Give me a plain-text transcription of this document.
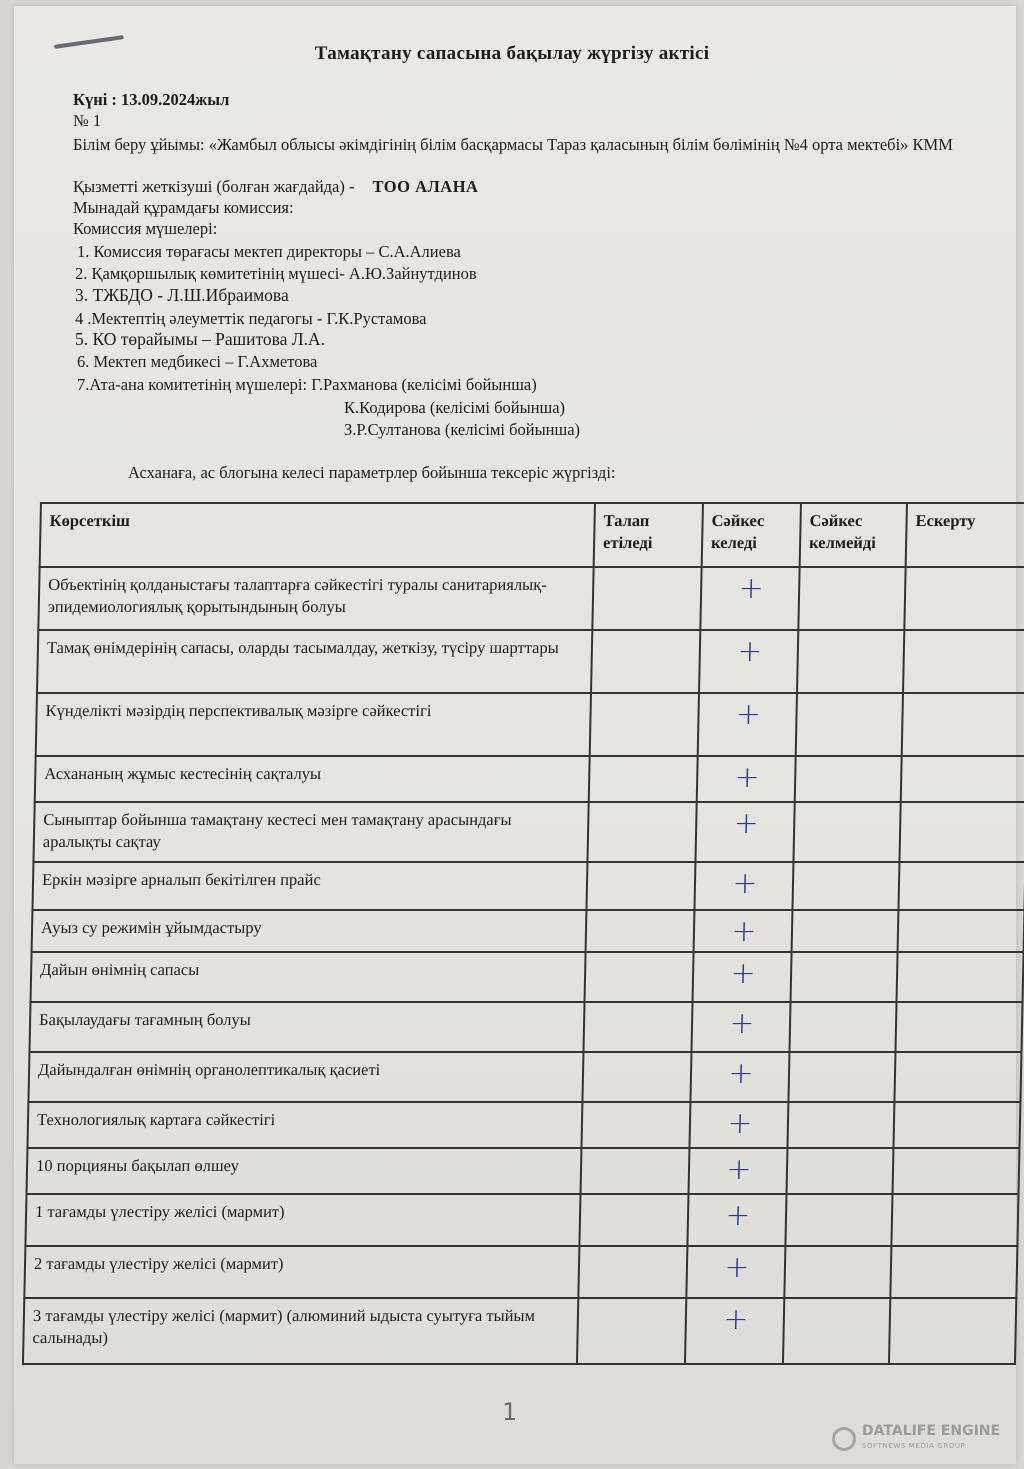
Тамақтану сапасына бақылау жүргізу актісі
Күні : 13.09.2024жыл
№ 1
Білім беру ұйымы: «Жамбыл облысы әкімдігінің білім басқармасы Тараз қаласының білім бөлімінің №4 орта мектебі» КММ
Қызметті жеткізуші (болған жағдайда) - ТОО АЛАНА
Мынадай құрамдағы комиссия:
Комиссия мүшелері:
1. Комиссия төрағасы мектеп директоры – С.А.Алиева
2. Қамқоршылық көмитетінің мүшесі- А.Ю.Зайнутдинов
3. ТЖБДО - Л.Ш.Ибраимова
4 .Мектептің әлеуметтік педагогы - Г.К.Рустамова
5. КО төрайымы – Рашитова Л.А.
6. Мектеп медбикесі – Г.Ахметова
7.Ата-ана комитетінің мүшелері: Г.Рахманова (келісімі бойынша)
К.Кодирова (келісімі бойынша)
З.Р.Султанова (келісімі бойынша)
Асханаға, ас блогына келесі параметрлер бойынша тексеріс жүргізді:
Көрсеткіш	Талап етіледі	Сәйкес келеді	Сәйкес келмейді	Ескерту
Объектінің қолданыстағы талаптарға сәйкестігі туралы санитариялық-эпидемиологиялық қорытындының болуы		+		

Тамақ өнімдерінің сапасы, оларды тасымалдау, жеткізу, түсіру шарттары		+		

Күнделікті мәзірдің перспективалық мәзірге сәйкестігі		+		

Асхананың жұмыс кестесінің сақталуы		+		

Сыныптар бойынша тамақтану кестесі мен тамақтану арасындағы аралықты сақтау		+		

Еркін мәзірге арналып бекітілген прайс		+		

Ауыз су режимін ұйымдастыру		+		

Дайын өнімнің сапасы		+		

Бақылаудағы тағамның болуы		+		

Дайындалған өнімнің органолептикалық қасиеті		+		

Технологиялық картаға сәйкестігі		+		

10 порцияны бақылап өлшеу		+		

1 тағамды үлестіру желісі (мармит)		+		

2 тағамды үлестіру желісі (мармит)		+		

3 тағамды үлестіру желісі (мармит) (алюминий ыдыста суытуға тыйым салынады)		+		

1
DATALIFE ENGINE
SOFTNEWS MEDIA GROUP
